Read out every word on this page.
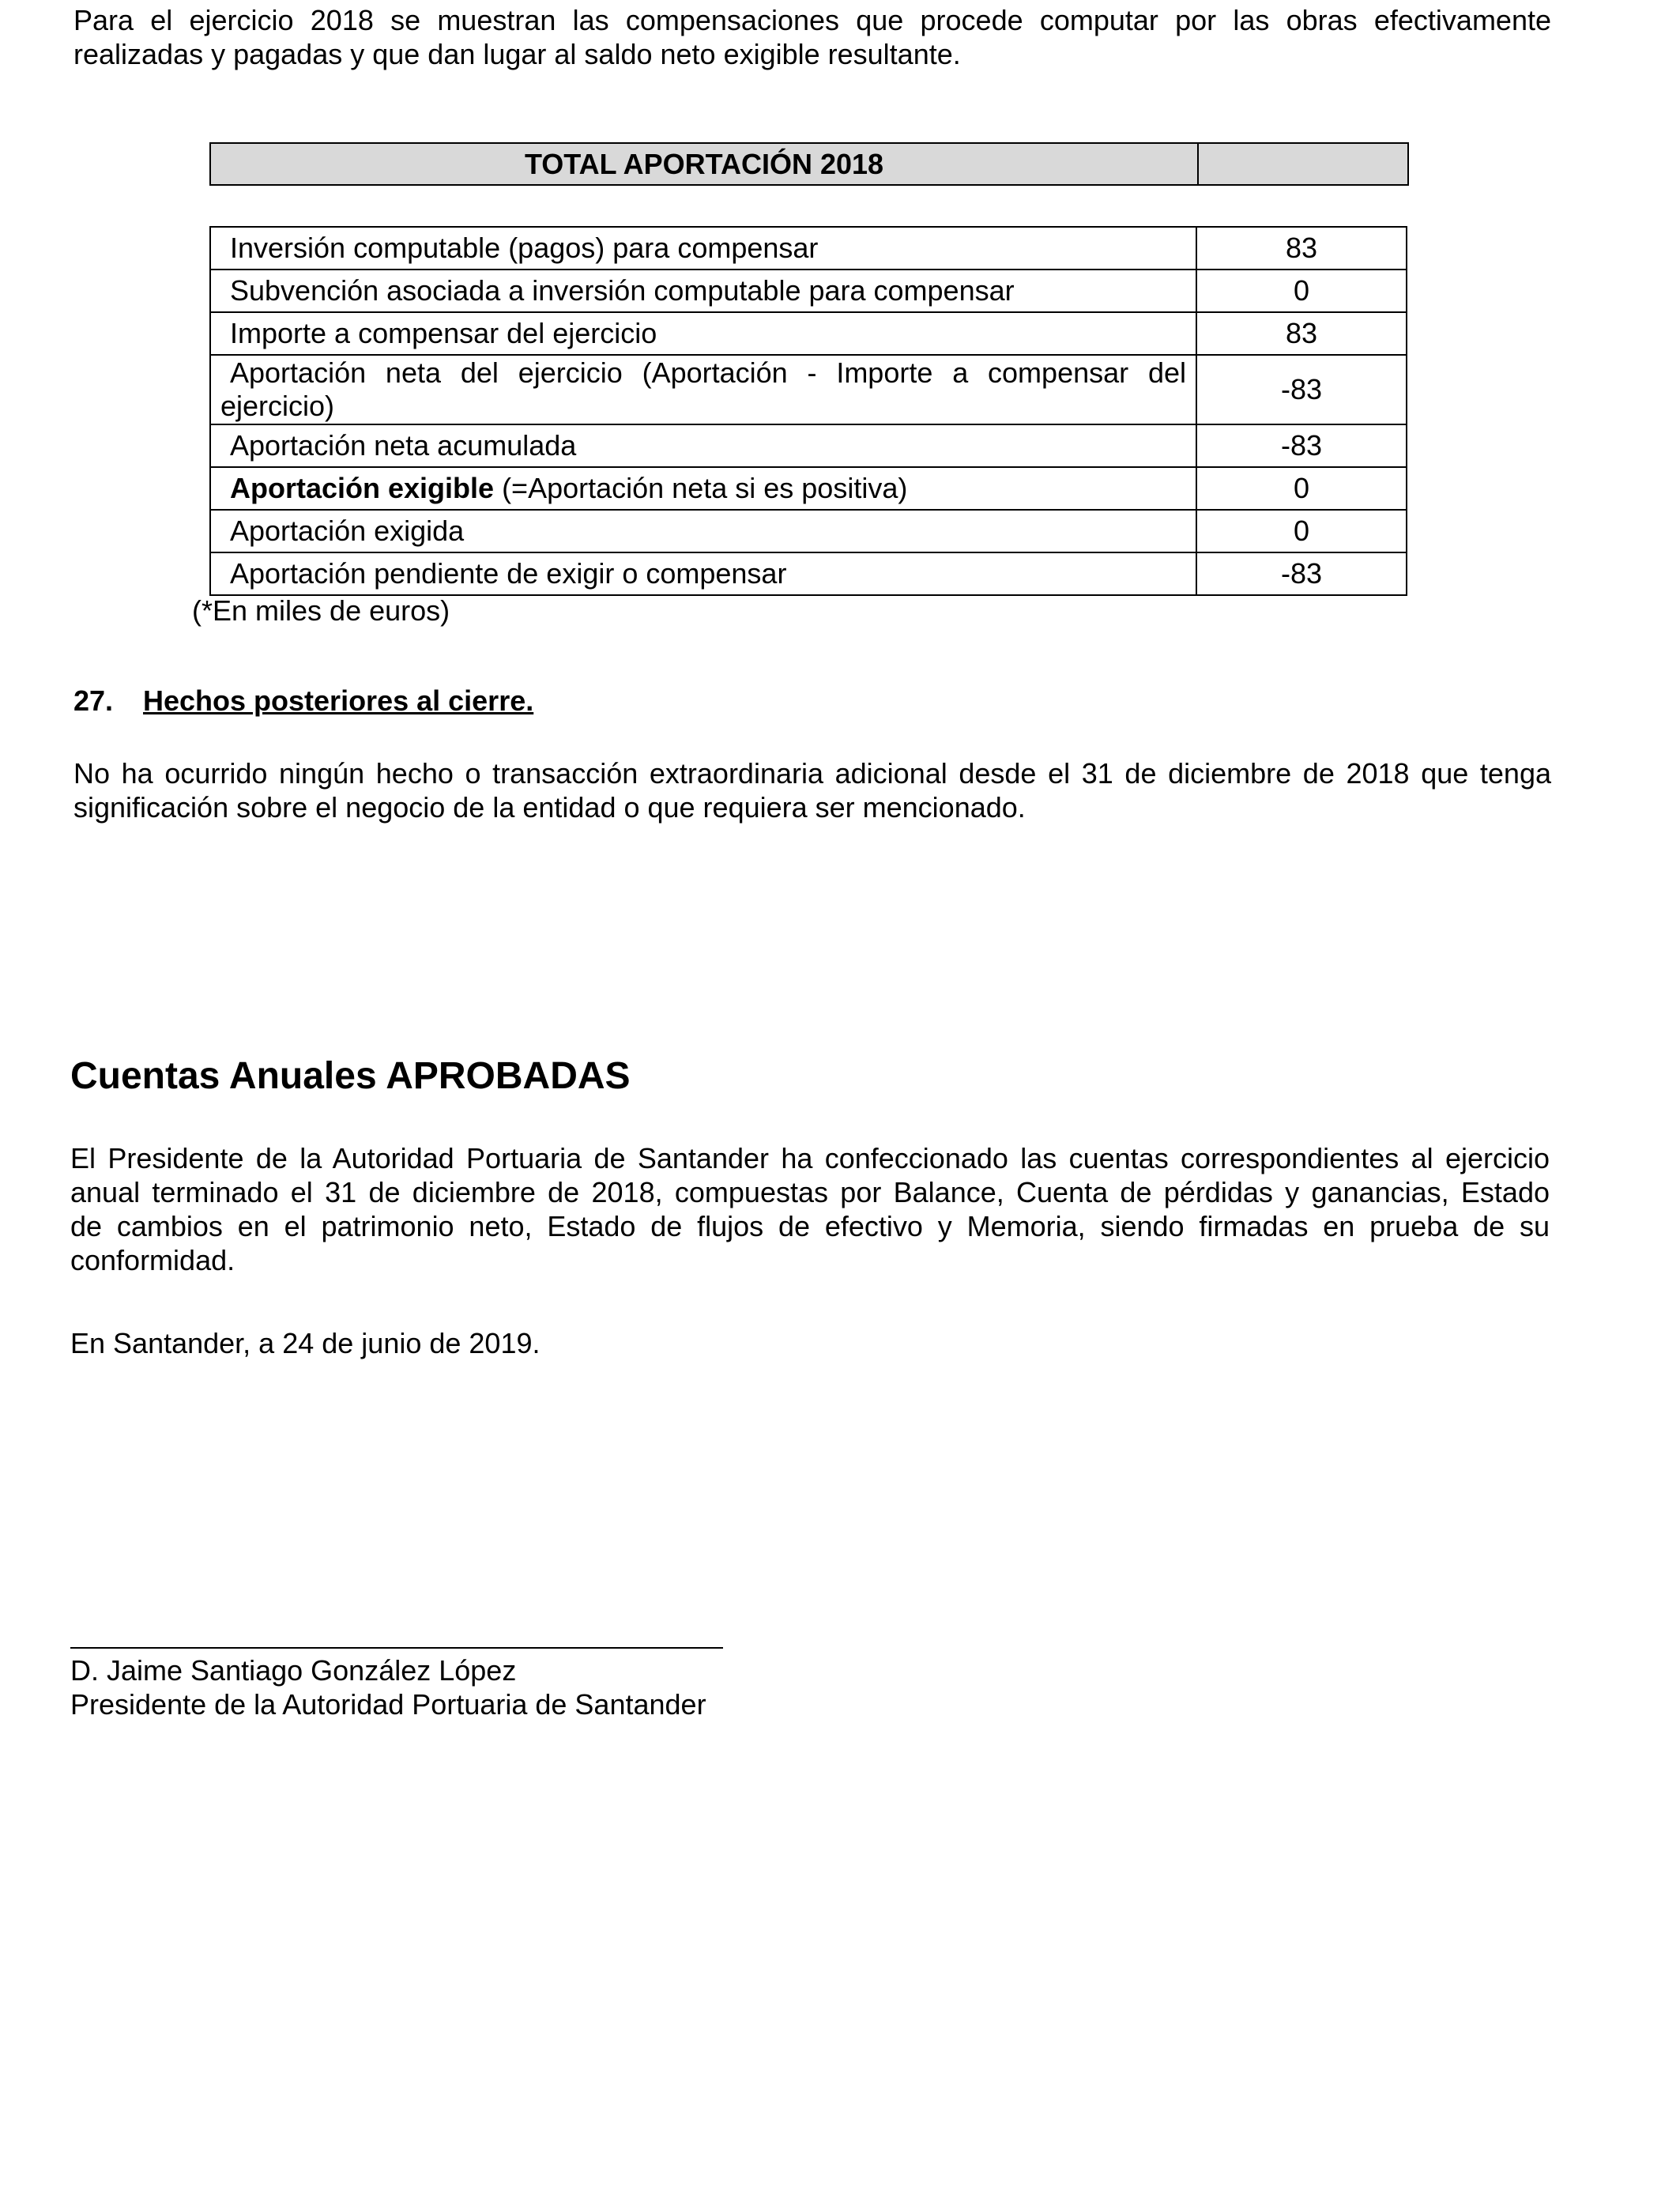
Para el ejercicio 2018 se muestran las compensaciones que procede computar por las obras efectivamente
realizadas y pagadas y que dan lugar al saldo neto exigible resultante.
TOTAL APORTACIÓN 2018	
Inversión computable (pagos) para compensar	83
Subvención asociada a inversión computable para compensar	0
Importe a compensar del ejercicio	83

Aportación neta del ejercicio (Aportación - Importe a compensar del
ejercicio)	-83
Aportación neta acumulada	-83
Aportación exigible (=Aportación neta si es positiva)	0
Aportación exigida	0
Aportación pendiente de exigir o compensar	-83
(*En miles de euros)
27. Hechos posteriores al cierre.
No ha ocurrido ningún hecho o transacción extraordinaria adicional desde el 31 de diciembre de 2018 que tenga
significación sobre el negocio de la entidad o que requiera ser mencionado.
Cuentas Anuales APROBADAS
El Presidente de la Autoridad Portuaria de Santander ha confeccionado las cuentas correspondientes al ejercicio
anual terminado el 31 de diciembre de 2018, compuestas por Balance, Cuenta de pérdidas y ganancias, Estado
de cambios en el patrimonio neto, Estado de flujos de efectivo y Memoria, siendo firmadas en prueba de su
conformidad.
En Santander, a 24 de junio de 2019.
D. Jaime Santiago González López
Presidente de la Autoridad Portuaria de Santander
